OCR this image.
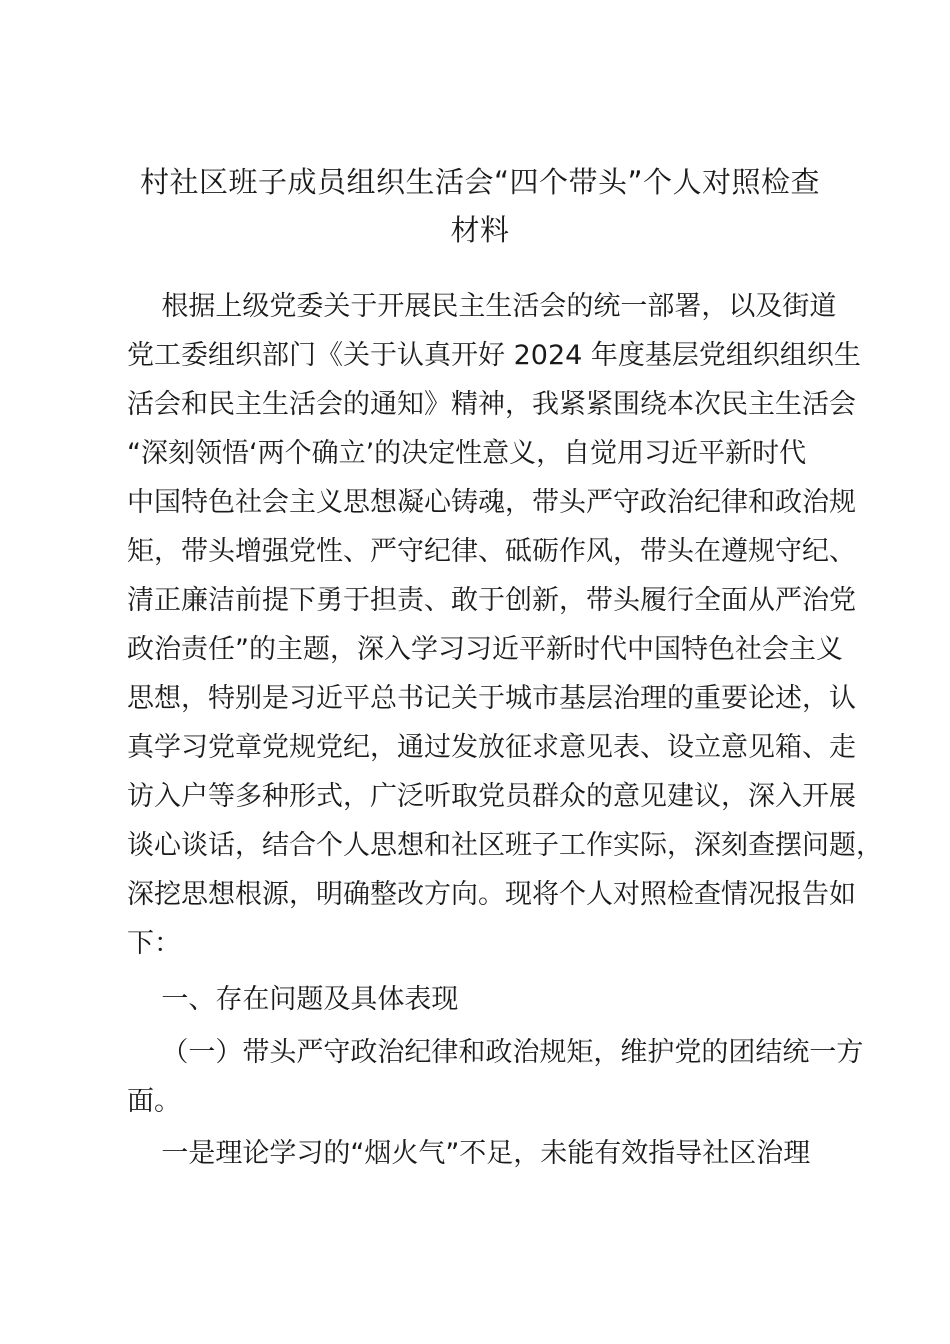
村社区班子成员组织生活会“四个带头”个人对照检查
材料

根据上级党委关于开展民主生活会的统一部署，以及街道

党工委组织部门《关于认真开好 2024 年度基层党组织组织生

活会和民主生活会的通知》精神，我紧紧围绕本次民主生活会

“深刻领悟‘两个确立’的决定性意义，自觉用习近平新时代

中国特色社会主义思想凝心铸魂，带头严守政治纪律和政治规

矩，带头增强党性、严守纪律、砥砺作风，带头在遵规守纪、

清正廉洁前提下勇于担责、敢于创新，带头履行全面从严治党

政治责任”的主题，深入学习习近平新时代中国特色社会主义

思想，特别是习近平总书记关于城市基层治理的重要论述，认

真学习党章党规党纪，通过发放征求意见表、设立意见箱、走

访入户等多种形式，广泛听取党员群众的意见建议，深入开展

谈心谈话，结合个人思想和社区班子工作实际，深刻查摆问题，

深挖思想根源，明确整改方向。现将个人对照检查情况报告如

下：

一、存在问题及具体表现

（一）带头严守政治纪律和政治规矩，维护党的团结统一方

面。

一是理论学习的“烟火气”不足，未能有效指导社区治理
